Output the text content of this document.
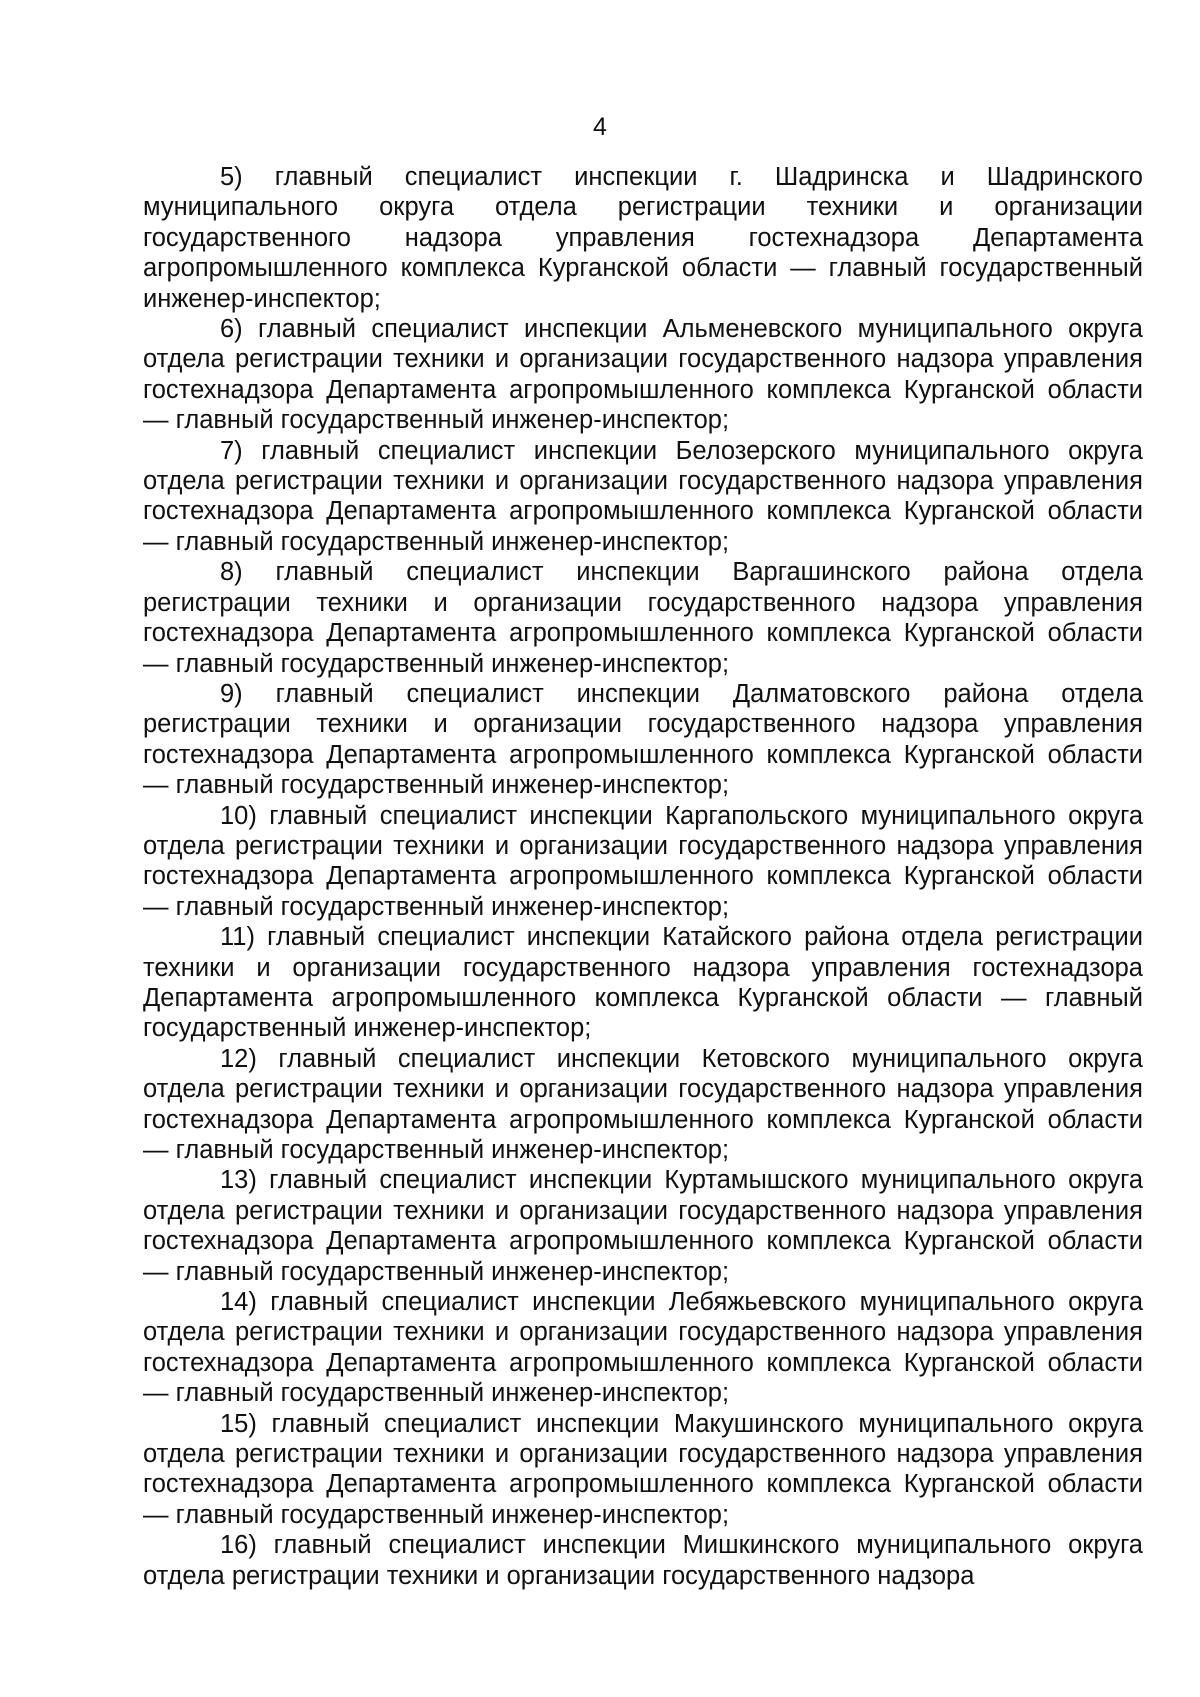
4

5) главный специалист инспекции г. Шадринска и Шадринского муниципального округа отдела регистрации техники и организации государственного надзора управления гостехнадзора Департамента агропромышленного комплекса Курганской области — главный государственный инженер-инспектор;

6) главный специалист инспекции Альменевского муниципального округа отдела регистрации техники и организации государственного надзора управления гостехнадзора Департамента агропромышленного комплекса Курганской области — главный государственный инженер-инспектор;

7) главный специалист инспекции Белозерского муниципального округа отдела регистрации техники и организации государственного надзора управления гостехнадзора Департамента агропромышленного комплекса Курганской области — главный государственный инженер-инспектор;

8) главный специалист инспекции Варгашинского района отдела регистрации техники и организации государственного надзора управления гостехнадзора Департамента агропромышленного комплекса Курганской области — главный государственный инженер-инспектор;

9) главный специалист инспекции Далматовского района отдела регистрации техники и организации государственного надзора управления гостехнадзора Департамента агропромышленного комплекса Курганской области — главный государственный инженер-инспектор;

10) главный специалист инспекции Каргапольского муниципального округа отдела регистрации техники и организации государственного надзора управления гостехнадзора Департамента агропромышленного комплекса Курганской области — главный государственный инженер-инспектор;

11) главный специалист инспекции Катайского района отдела регистрации техники и организации государственного надзора управления гостехнадзора Департамента агропромышленного комплекса Курганской области — главный государственный инженер-инспектор;

12) главный специалист инспекции Кетовского муниципального округа отдела регистрации техники и организации государственного надзора управления гостехнадзора Департамента агропромышленного комплекса Курганской области — главный государственный инженер-инспектор;

13) главный специалист инспекции Куртамышского муниципального округа отдела регистрации техники и организации государственного надзора управления гостехнадзора Департамента агропромышленного комплекса Курганской области — главный государственный инженер-инспектор;

14) главный специалист инспекции Лебяжьевского муниципального округа отдела регистрации техники и организации государственного надзора управления гостехнадзора Департамента агропромышленного комплекса Курганской области — главный государственный инженер-инспектор;

15) главный специалист инспекции Макушинского муниципального округа отдела регистрации техники и организации государственного надзора управления гостехнадзора Департамента агропромышленного комплекса Курганской области — главный государственный инженер-инспектор;

16) главный специалист инспекции Мишкинского муниципального округа отдела регистрации техники и организации государственного надзора
